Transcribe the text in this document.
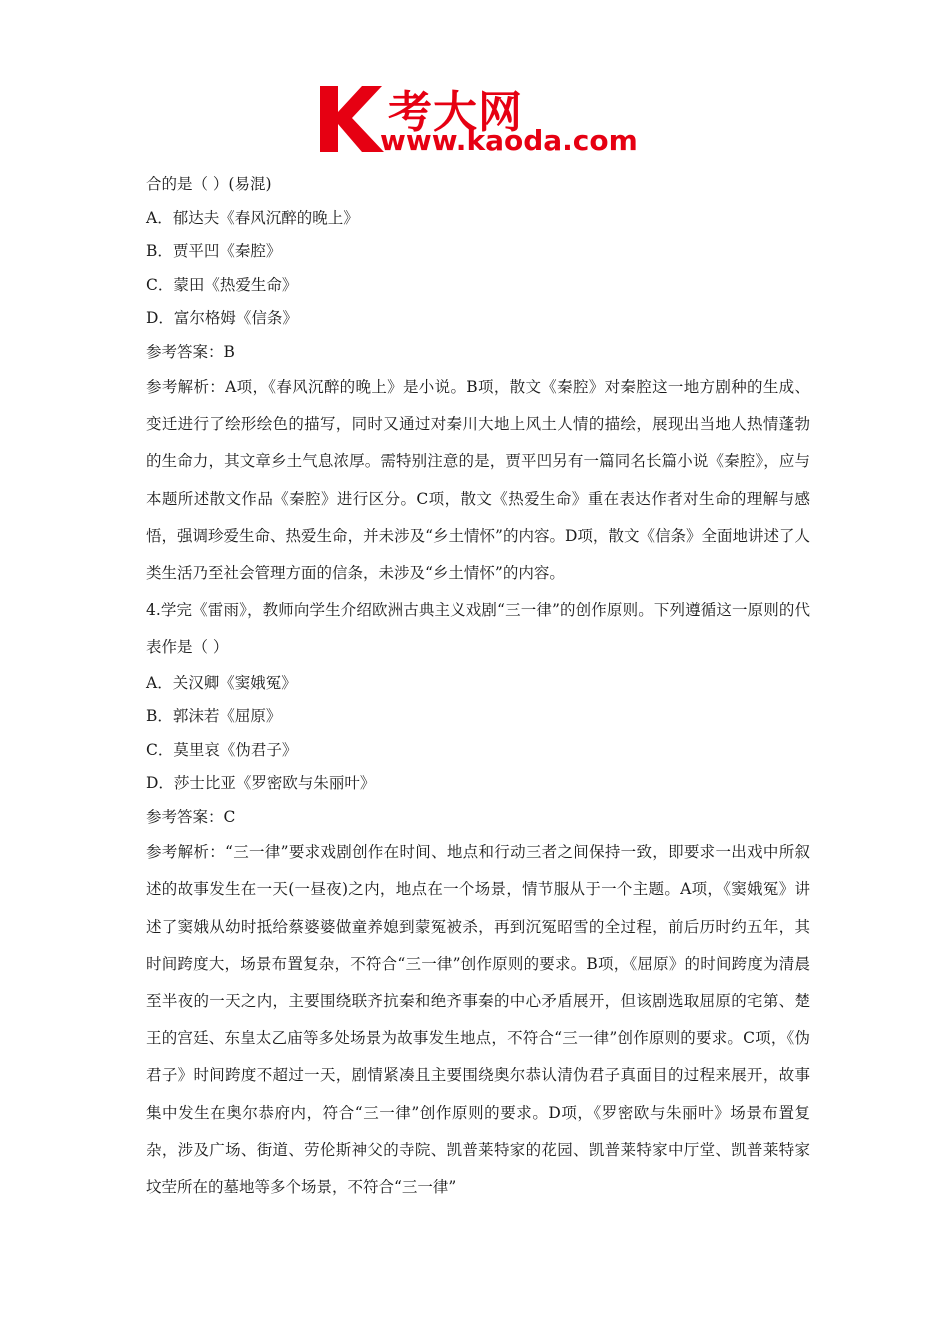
考大网
www.kaoda.com
合的是（ ）(易混)
A．郁达夫《春风沉醉的晚上》
B．贾平凹《秦腔》
C．蒙田《热爱生命》
D．富尔格姆《信条》
参考答案：B
参考解析：A项，《春风沉醉的晚上》是小说。B项，散文《秦腔》对秦腔这一地方剧种的生成、变迁进行了绘形绘色的描写，同时又通过对秦川大地上风土人情的描绘，展现出当地人热情蓬勃的生命力，其文章乡土气息浓厚。需特别注意的是，贾平凹另有一篇同名长篇小说《秦腔》，应与本题所述散文作品《秦腔》进行区分。C项，散文《热爱生命》重在表达作者对生命的理解与感悟，强调珍爱生命、热爱生命，并未涉及“乡土情怀”的内容。D项，散文《信条》全面地讲述了人类生活乃至社会管理方面的信条，未涉及“乡土情怀”的内容。
4.学完《雷雨》，教师向学生介绍欧洲古典主义戏剧“三一律”的创作原则。下列遵循这一原则的代表作是（ ）
A．关汉卿《窦娥冤》
B．郭沫若《屈原》
C．莫里哀《伪君子》
D．莎士比亚《罗密欧与朱丽叶》
参考答案：C
参考解析：“三一律”要求戏剧创作在时间、地点和行动三者之间保持一致，即要求一出戏中所叙述的故事发生在一天(一昼夜)之内，地点在一个场景，情节服从于一个主题。A项，《窦娥冤》讲述了窦娥从幼时抵给蔡婆婆做童养媳到蒙冤被杀，再到沉冤昭雪的全过程，前后历时约五年，其时间跨度大，场景布置复杂，不符合“三一律”创作原则的要求。B项，《屈原》的时间跨度为清晨至半夜的一天之内，主要围绕联齐抗秦和绝齐事秦的中心矛盾展开，但该剧选取屈原的宅第、楚王的宫廷、东皇太乙庙等多处场景为故事发生地点，不符合“三一律”创作原则的要求。C项，《伪君子》时间跨度不超过一天，剧情紧凑且主要围绕奥尔恭认清伪君子真面目的过程来展开，故事集中发生在奥尔恭府内，符合“三一律”创作原则的要求。D项，《罗密欧与朱丽叶》场景布置复杂，涉及广场、街道、劳伦斯神父的寺院、凯普莱特家的花园、凯普莱特家中厅堂、凯普莱特家坟茔所在的墓地等多个场景，不符合“三一律”
